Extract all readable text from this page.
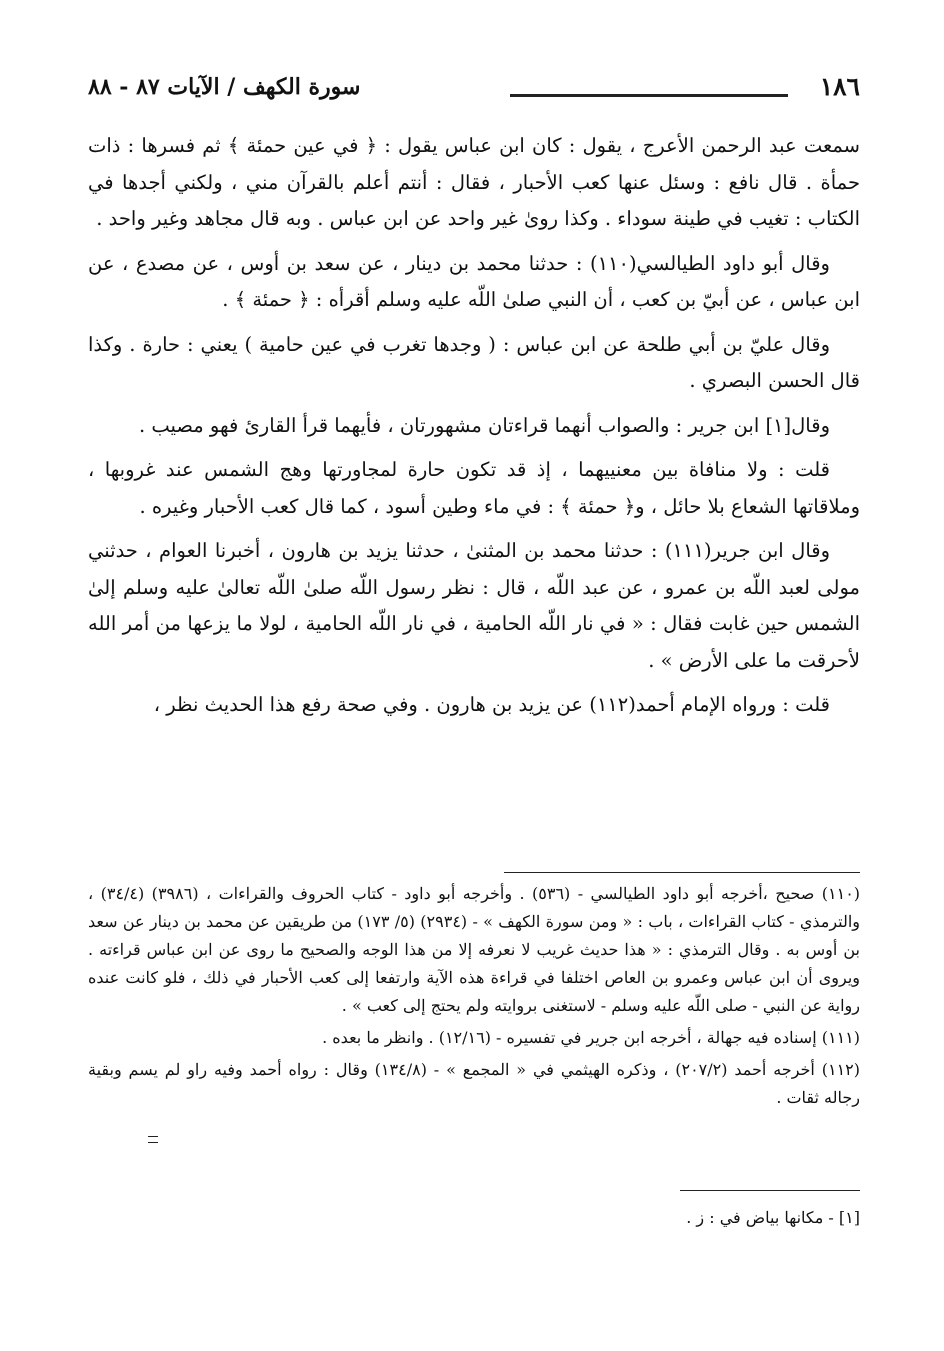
١٨٦
سورة الكهف / الآيات ٨٧ - ٨٨

سمعت عبد الرحمن الأعرج ، يقول : كان ابن عباس يقول : ﴿ في عين حمئة ﴾ ثم فسرها : ذات حمأة . قال نافع : وسئل عنها كعب الأحبار ، فقال : أنتم أعلم بالقرآن مني ، ولكني أجدها في الكتاب : تغيب في طينة سوداء . وكذا روىٰ غير واحد عن ابن عباس . وبه قال مجاهد وغير واحد .

وقال أبو داود الطيالسي(١١٠) : حدثنا محمد بن دينار ، عن سعد بن أوس ، عن مصدع ، عن ابن عباس ، عن أبيّ بن كعب ، أن النبي صلىٰ اللّه عليه وسلم أقرأه : ﴿ حمئة ﴾ .

وقال عليّ بن أبي طلحة عن ابن عباس : ( وجدها تغرب في عين حامية ) يعني : حارة . وكذا قال الحسن البصري .

وقال[١] ابن جرير : والصواب أنهما قراءتان مشهورتان ، فأيهما قرأ القارئ فهو مصيب .

قلت : ولا منافاة بين معنييهما ، إذ قد تكون حارة لمجاورتها وهج الشمس عند غروبها ، وملاقاتها الشعاع بلا حائل ، و﴿ حمئة ﴾ : في ماء وطين أسود ، كما قال كعب الأحبار وغيره .

وقال ابن جرير(١١١) : حدثنا محمد بن المثنىٰ ، حدثنا يزيد بن هارون ، أخبرنا العوام ، حدثني مولى لعبد اللّه بن عمرو ، عن عبد اللّه ، قال : نظر رسول اللّه صلىٰ اللّه تعالىٰ عليه وسلم إلىٰ الشمس حين غابت فقال : « في نار اللّه الحامية ، في نار اللّه الحامية ، لولا ما يزعها من أمر الله لأحرقت ما على الأرض » .

قلت : ورواه الإمام أحمد(١١٢) عن يزيد بن هارون . وفي صحة رفع هذا الحديث نظر ،

(١١٠) صحيح ،أخرجه أبو داود الطيالسي - (٥٣٦) . وأخرجه أبو داود - كتاب الحروف والقراءات ، (٣٩٨٦) (٣٤/٤) ، والترمذي - كتاب القراءات ، باب : « ومن سورة الكهف » - (٢٩٣٤) (٥/ ١٧٣) من طريقين عن محمد بن دينار عن سعد بن أوس به . وقال الترمذي : « هذا حديث غريب لا نعرفه إلا من هذا الوجه والصحيح ما روى عن ابن عباس قراءته . ويروى أن ابن عباس وعمرو بن العاص اختلفا في قراءة هذه الآية وارتفعا إلى كعب الأحبار في ذلك ، فلو كانت عنده رواية عن النبي - صلى اللّه عليه وسلم - لاستغنى بروايته ولم يحتج إلى كعب » .

(١١١) إسناده فيه جهالة ، أخرجه ابن جرير في تفسيره - (١٢/١٦) . وانظر ما بعده .

(١١٢) أخرجه أحمد (٢٠٧/٢) ، وذكره الهيثمي في « المجمع » - (١٣٤/٨) وقال : رواه أحمد وفيه راو لم يسم وبقية رجاله ثقات .

[١] - مكانها بياض في : ز .
